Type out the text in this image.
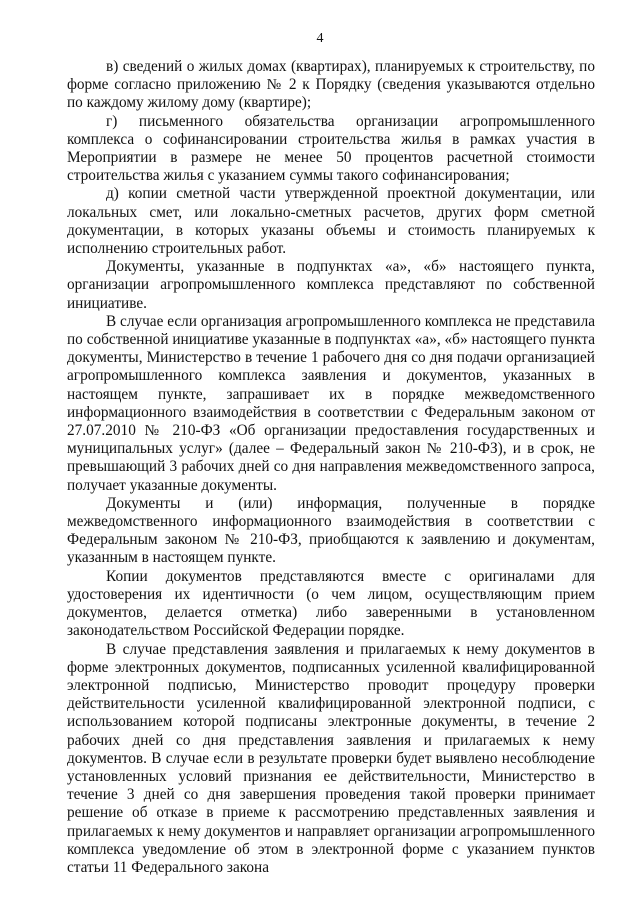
4

в) сведений о жилых домах (квартирах), планируемых к строительству, по форме согласно приложению № 2 к Порядку (сведения указываются отдельно по каждому жилому дому (квартире);

г) письменного обязательства организации агропромышленного комплекса о софинансировании строительства жилья в рамках участия в Мероприятии в размере не менее 50 процентов расчетной стоимости строительства жилья с указанием суммы такого софинансирования;

д) копии сметной части утвержденной проектной документации, или локальных смет, или локально-сметных расчетов, других форм сметной документации, в которых указаны объемы и стоимость планируемых к исполнению строительных работ.

Документы, указанные в подпунктах «а», «б» настоящего пункта, организации агропромышленного комплекса представляют по собственной инициативе.

В случае если организация агропромышленного комплекса не представила по собственной инициативе указанные в подпунктах «а», «б» настоящего пункта документы, Министерство в течение 1 рабочего дня со дня подачи организацией агропромышленного комплекса заявления и документов, указанных в настоящем пункте, запрашивает их в порядке межведомственного информационного взаимодействия в соответствии с Федеральным законом от 27.07.2010 № 210-ФЗ «Об организации предоставления государственных и муниципальных услуг» (далее – Федеральный закон № 210-ФЗ), и в срок, не превышающий 3 рабочих дней со дня направления межведомственного запроса, получает указанные документы.

Документы и (или) информация, полученные в порядке межведомственного информационного взаимодействия в соответствии с Федеральным законом № 210-ФЗ, приобщаются к заявлению и документам, указанным в настоящем пункте.

Копии документов представляются вместе с оригиналами для удостоверения их идентичности (о чем лицом, осуществляющим прием документов, делается отметка) либо заверенными в установленном законодательством Российской Федерации порядке.

В случае представления заявления и прилагаемых к нему документов в форме электронных документов, подписанных усиленной квалифицированной электронной подписью, Министерство проводит процедуру проверки действительности усиленной квалифицированной электронной подписи, с использованием которой подписаны электронные документы, в течение 2 рабочих дней со дня представления заявления и прилагаемых к нему документов. В случае если в результате проверки будет выявлено несоблюдение установленных условий признания ее действительности, Министерство в течение 3 дней со дня завершения проведения такой проверки принимает решение об отказе в приеме к рассмотрению представленных заявления и прилагаемых к нему документов и направляет организации агропромышленного комплекса уведомление об этом в электронной форме с указанием пунктов статьи 11 Федерального закона
